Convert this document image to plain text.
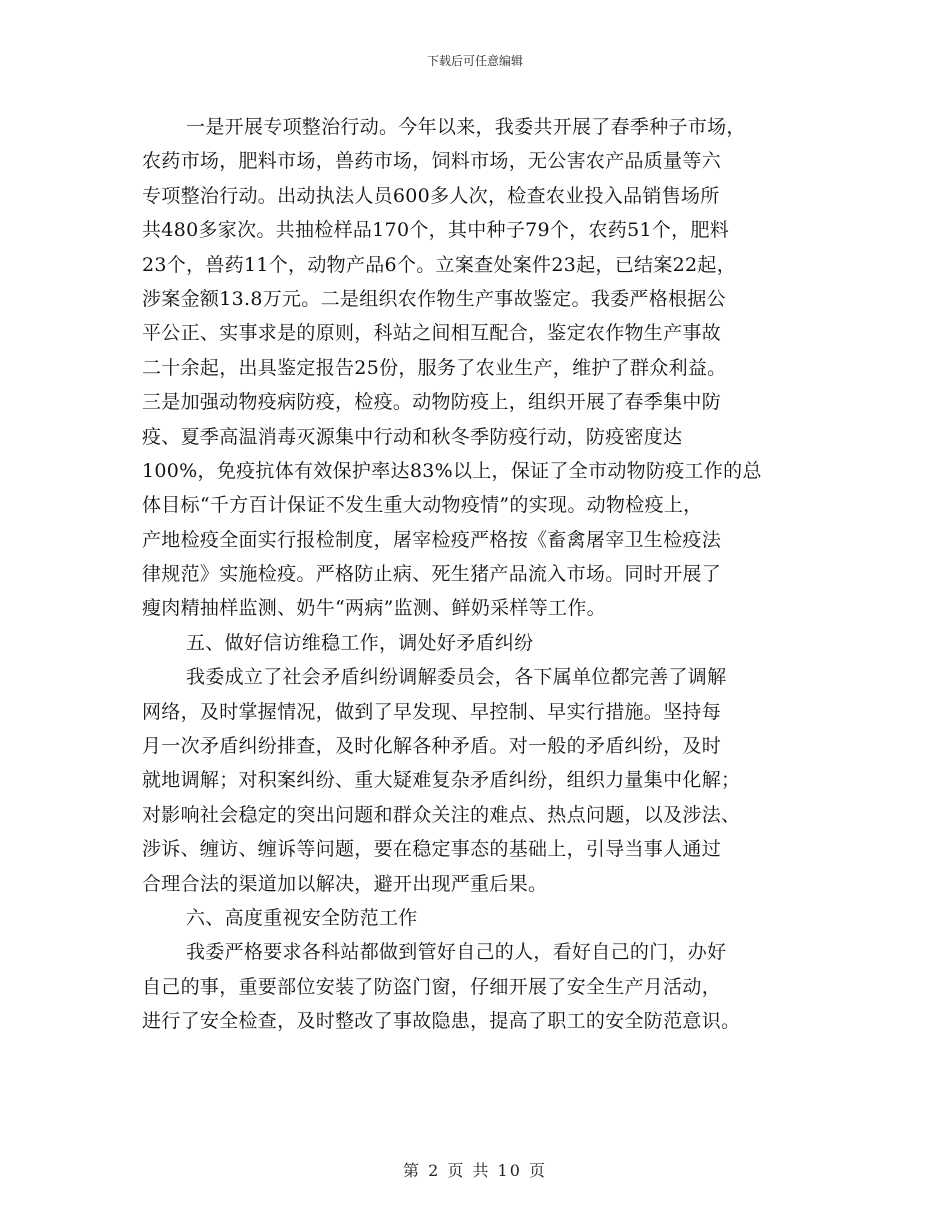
下载后可任意编辑
一是开展专项整治行动。今年以来，我委共开展了春季种子市场，
农药市场，肥料市场，兽药市场，饲料市场，无公害农产品质量等六
专项整治行动。出动执法人员600多人次，检查农业投入品销售场所
共480多家次。共抽检样品170个，其中种子79个，农药51个，肥料
23个，兽药11个，动物产品6个。立案查处案件23起，已结案22起，
涉案金额13.8万元。二是组织农作物生产事故鉴定。我委严格根据公
平公正、实事求是的原则，科站之间相互配合，鉴定农作物生产事故
二十余起，出具鉴定报告25份，服务了农业生产，维护了群众利益。
三是加强动物疫病防疫，检疫。动物防疫上，组织开展了春季集中防
疫、夏季高温消毒灭源集中行动和秋冬季防疫行动，防疫密度达
100%，免疫抗体有效保护率达83%以上，保证了全市动物防疫工作的总
体目标“千方百计保证不发生重大动物疫情”的实现。动物检疫上，
产地检疫全面实行报检制度，屠宰检疫严格按《畜禽屠宰卫生检疫法
律规范》实施检疫。严格防止病、死生猪产品流入市场。同时开展了
瘦肉精抽样监测、奶牛“两病”监测、鲜奶采样等工作。
五、做好信访维稳工作，调处好矛盾纠纷
我委成立了社会矛盾纠纷调解委员会，各下属单位都完善了调解
网络，及时掌握情况，做到了早发现、早控制、早实行措施。坚持每
月一次矛盾纠纷排查，及时化解各种矛盾。对一般的矛盾纠纷，及时
就地调解；对积案纠纷、重大疑难复杂矛盾纠纷，组织力量集中化解；
对影响社会稳定的突出问题和群众关注的难点、热点问题，以及涉法、
涉诉、缠访、缠诉等问题，要在稳定事态的基础上，引导当事人通过
合理合法的渠道加以解决，避开出现严重后果。
六、高度重视安全防范工作
我委严格要求各科站都做到管好自己的人，看好自己的门，办好
自己的事，重要部位安装了防盗门窗，仔细开展了安全生产月活动，
进行了安全检查，及时整改了事故隐患，提高了职工的安全防范意识。
第 2 页 共 10 页
